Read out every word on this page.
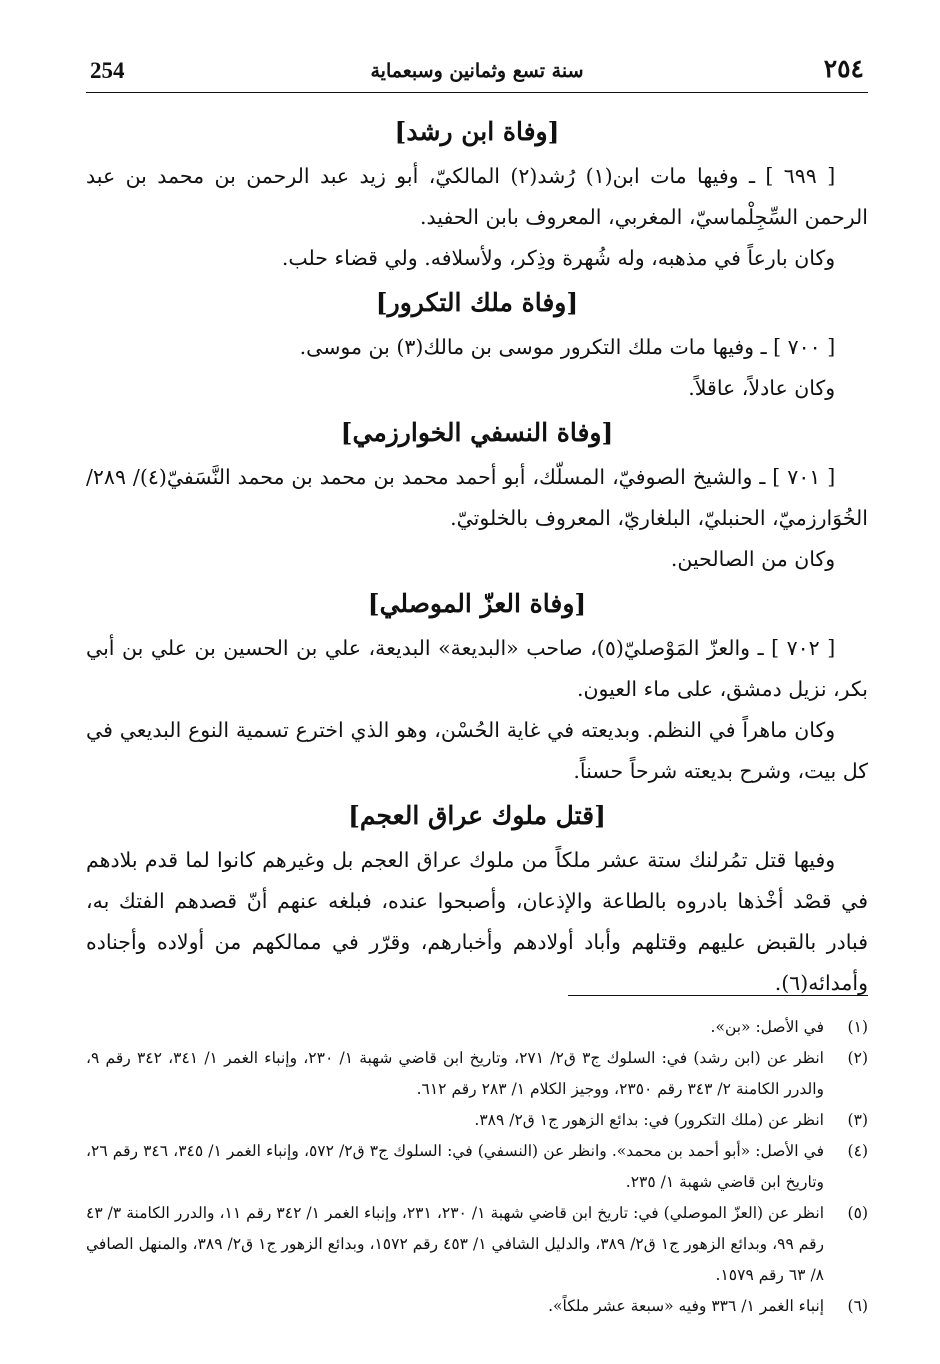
254	سنة تسع وثمانين وسبعماية	٢٥٤

[وفاة ابن رشد]

[ ٦٩٩ ] ـ وفيها مات ابن(١) رُشد(٢) المالكيّ، أبو زيد عبد الرحمن بن محمد بن عبد الرحمن السِّجِلْماسيّ، المغربي، المعروف بابن الحفيد.

وكان بارعاً في مذهبه، وله شُهرة وذِكر، ولأسلافه. ولي قضاء حلب.

[وفاة ملك التكرور]

[ ٧٠٠ ] ـ وفيها مات ملك التكرور موسى بن مالك(٣) بن موسى.

وكان عادلاً، عاقلاً.

[وفاة النسفي الخوارزمي]

[ ٧٠١ ] ـ والشيخ الصوفيّ، المسلّك، أبو أحمد محمد بن محمد بن محمد النَّسَفيّ(٤)/ ٢٨٩/الخُوَارزميّ، الحنبليّ، البلغاريّ، المعروف بالخلوتيّ.

وكان من الصالحين.

[وفاة العزّ الموصلي]

[ ٧٠٢ ] ـ والعزّ المَوْصليّ(٥)، صاحب «البديعة» البديعة، علي بن الحسين بن علي بن أبي بكر، نزيل دمشق، على ماء العيون.

وكان ماهراً في النظم. وبديعته في غاية الحُسْن، وهو الذي اخترع تسمية النوع البديعي في كل بيت، وشرح بديعته شرحاً حسناً.

[قتل ملوك عراق العجم]

وفيها قتل تمُرلنك ستة عشر ملكاً من ملوك عراق العجم بل وغيرهم كانوا لما قدم بلادهم في قصْد أخْذها بادروه بالطاعة والإذعان، وأصبحوا عنده، فبلغه عنهم أنّ قصدهم الفتك به، فبادر بالقبض عليهم وقتلهم وأباد أولادهم وأخبارهم، وقرّر في ممالكهم من أولاده وأجناده وأمدائه(٦).

(١)
في الأصل: «بن».
(٢)
انظر عن (ابن رشد) في: السلوك ج٣ ق٢/ ٢٧١، وتاريخ ابن قاضي شهبة ١/ ٢٣٠، وإنباء الغمر ١/ ٣٤١، ٣٤٢ رقم ٩، والدرر الكامنة ٢/ ٣٤٣ رقم ٢٣٥٠، ووجيز الكلام ١/ ٢٨٣ رقم ٦١٢.
(٣)
انظر عن (ملك التكرور) في: بدائع الزهور ج١ ق٢/ ٣٨٩.
(٤)
في الأصل: «أبو أحمد بن محمد». وانظر عن (النسفي) في: السلوك ج٣ ق٢/ ٥٧٢، وإنباء الغمر ١/ ٣٤٥، ٣٤٦ رقم ٢٦، وتاريخ ابن قاضي شهبة ١/ ٢٣٥.
(٥)
انظر عن (العزّ الموصلي) في: تاريخ ابن قاضي شهبة ١/ ٢٣٠، ٢٣١، وإنباء الغمر ١/ ٣٤٢ رقم ١١، والدرر الكامنة ٣/ ٤٣ رقم ٩٩، وبدائع الزهور ج١ ق٢/ ٣٨٩، والدليل الشافي ١/ ٤٥٣ رقم ١٥٧٢، وبدائع الزهور ج١ ق٢/ ٣٨٩، والمنهل الصافي ٨/ ٦٣ رقم ١٥٧٩.
(٦)
إنباء الغمر ١/ ٣٣٦ وفيه «سبعة عشر ملكاً».
